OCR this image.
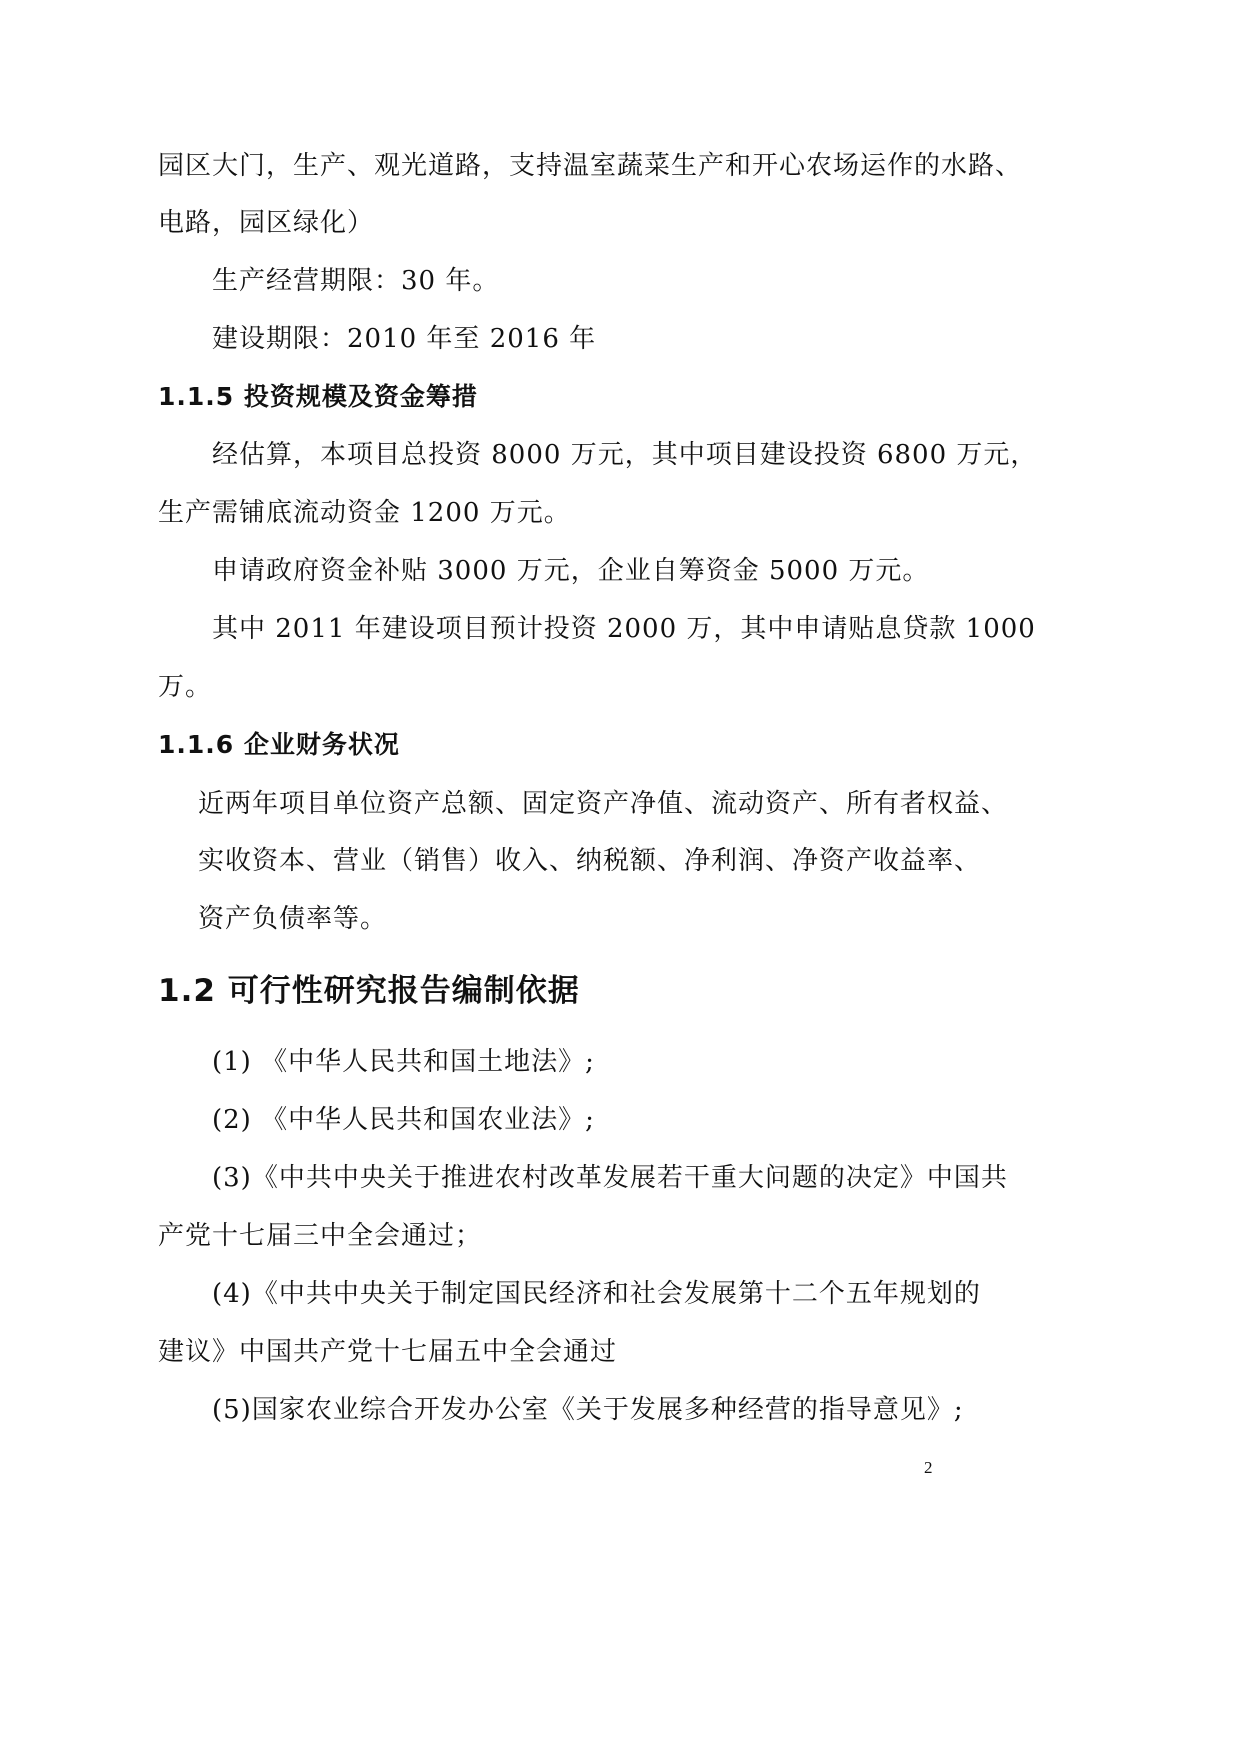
园区大门，生产、观光道路，支持温室蔬菜生产和开心农场运作的水路、
电路，园区绿化）
生产经营期限：30 年。
建设期限：2010 年至 2016 年
1.1.5 投资规模及资金筹措
经估算，本项目总投资 8000 万元，其中项目建设投资 6800 万元，
生产需铺底流动资金 1200 万元。
申请政府资金补贴 3000 万元，企业自筹资金 5000 万元。
其中 2011 年建设项目预计投资 2000 万，其中申请贴息贷款 1000
万。
1.1.6 企业财务状况
近两年项目单位资产总额、固定资产净值、流动资产、所有者权益、
实收资本、营业（销售）收入、纳税额、净利润、净资产收益率、
资产负债率等。
1.2 可行性研究报告编制依据
(1) 《中华人民共和国土地法》;
(2) 《中华人民共和国农业法》;
(3)《中共中央关于推进农村改革发展若干重大问题的决定》中国共
产党十七届三中全会通过；
(4)《中共中央关于制定国民经济和社会发展第十二个五年规划的
建议》中国共产党十七届五中全会通过
(5)国家农业综合开发办公室《关于发展多种经营的指导意见》;
2
